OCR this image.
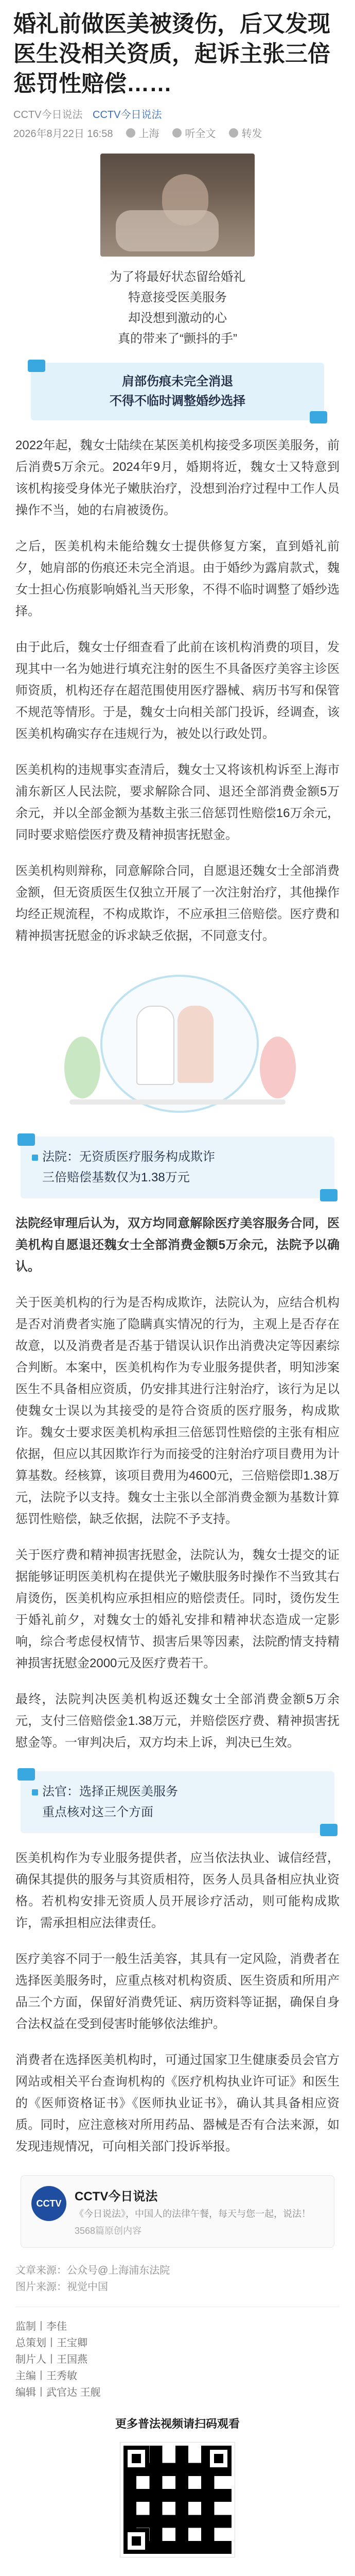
婚礼前做医美被烫伤，后又发现医生没相关资质，起诉主张三倍惩罚性赔偿……
CCTV今日说法 CCTV今日说法
2026年8月22日 16:58	上海	听全文	转发
为了将最好状态留给婚礼
特意接受医美服务
却没想到激动的心
真的带来了“颤抖的手”
肩部伤痕未完全消退
不得不临时调整婚纱选择
2022年起，魏女士陆续在某医美机构接受多项医美服务，前后消费5万余元。2024年9月，婚期将近，魏女士又特意到该机构接受身体光子嫩肤治疗，没想到治疗过程中工作人员操作不当，她的右肩被烫伤。
之后，医美机构未能给魏女士提供修复方案，直到婚礼前夕，她肩部的伤痕还未完全消退。由于婚纱为露肩款式，魏女士担心伤痕影响婚礼当天形象，不得不临时调整了婚纱选择。
由于此后，魏女士仔细查看了此前在该机构消费的项目，发现其中一名为她进行填充注射的医生不具备医疗美容主诊医师资质，机构还存在超范围使用医疗器械、病历书写和保管不规范等情形。于是，魏女士向相关部门投诉，经调查，该医美机构确实存在违规行为，被处以行政处罚。
医美机构的违规事实查清后，魏女士又将该机构诉至上海市浦东新区人民法院，要求解除合同、退还全部消费金额5万余元，并以全部金额为基数主张三倍惩罚性赔偿16万余元，同时要求赔偿医疗费及精神损害抚慰金。
医美机构则辩称，同意解除合同，自愿退还魏女士全部消费金额，但无资质医生仅独立开展了一次注射治疗，其他操作均经正规流程，不构成欺诈，不应承担三倍赔偿。医疗费和精神损害抚慰金的诉求缺乏依据，不同意支付。
法院：无资质医疗服务构成欺诈
三倍赔偿基数仅为1.38万元
法院经审理后认为，双方均同意解除医疗美容服务合同，医美机构自愿退还魏女士全部消费金额5万余元，法院予以确认。
关于医美机构的行为是否构成欺诈，法院认为，应结合机构是否对消费者实施了隐瞒真实情况的行为，主观上是否存在故意，以及消费者是否基于错误认识作出消费决定等因素综合判断。本案中，医美机构作为专业服务提供者，明知涉案医生不具备相应资质，仍安排其进行注射治疗，该行为足以使魏女士误以为其接受的是符合资质的医疗服务，构成欺诈。魏女士要求医美机构承担三倍惩罚性赔偿的主张有相应依据，但应以其因欺诈行为而接受的注射治疗项目费用为计算基数。经核算，该项目费用为4600元，三倍赔偿即1.38万元，法院予以支持。魏女士主张以全部消费金额为基数计算惩罚性赔偿，缺乏依据，法院不予支持。
关于医疗费和精神损害抚慰金，法院认为，魏女士提交的证据能够证明医美机构在提供光子嫩肤服务时操作不当致其右肩烫伤，医美机构应承担相应的赔偿责任。同时，烫伤发生于婚礼前夕，对魏女士的婚礼安排和精神状态造成一定影响，综合考虑侵权情节、损害后果等因素，法院酌情支持精神损害抚慰金2000元及医疗费若干。
最终，法院判决医美机构返还魏女士全部消费金额5万余元，支付三倍赔偿金1.38万元，并赔偿医疗费、精神损害抚慰金等。一审判决后，双方均未上诉，判决已生效。
法官：选择正规医美服务
重点核对这三个方面
医美机构作为专业服务提供者，应当依法执业、诚信经营，确保其提供的服务与其资质相符，医务人员具备相应执业资格。若机构安排无资质人员开展诊疗活动，则可能构成欺诈，需承担相应法律责任。
医疗美容不同于一般生活美容，其具有一定风险，消费者在选择医美服务时，应重点核对机构资质、医生资质和所用产品三个方面，保留好消费凭证、病历资料等证据，确保自身合法权益在受到侵害时能够依法维护。
消费者在选择医美机构时，可通过国家卫生健康委员会官方网站或相关平台查询机构的《医疗机构执业许可证》和医生的《医师资格证书》《医师执业证书》，确认其具备相应资质。同时，应注意核对所用药品、器械是否有合法来源，如发现违规情况，可向相关部门投诉举报。
CCTV	CCTV今日说法
《今日说法》，中国人的法律午餐，每天与您一起，说法！
3568篇原创内容
文章来源：公众号@上海浦东法院
图片来源：视觉中国
监制丨李佳
总策划丨王宝卿
制片人丨王国燕
主编丨王秀敏
编辑丨武官达 王舰
更多普法视频请扫码观看
